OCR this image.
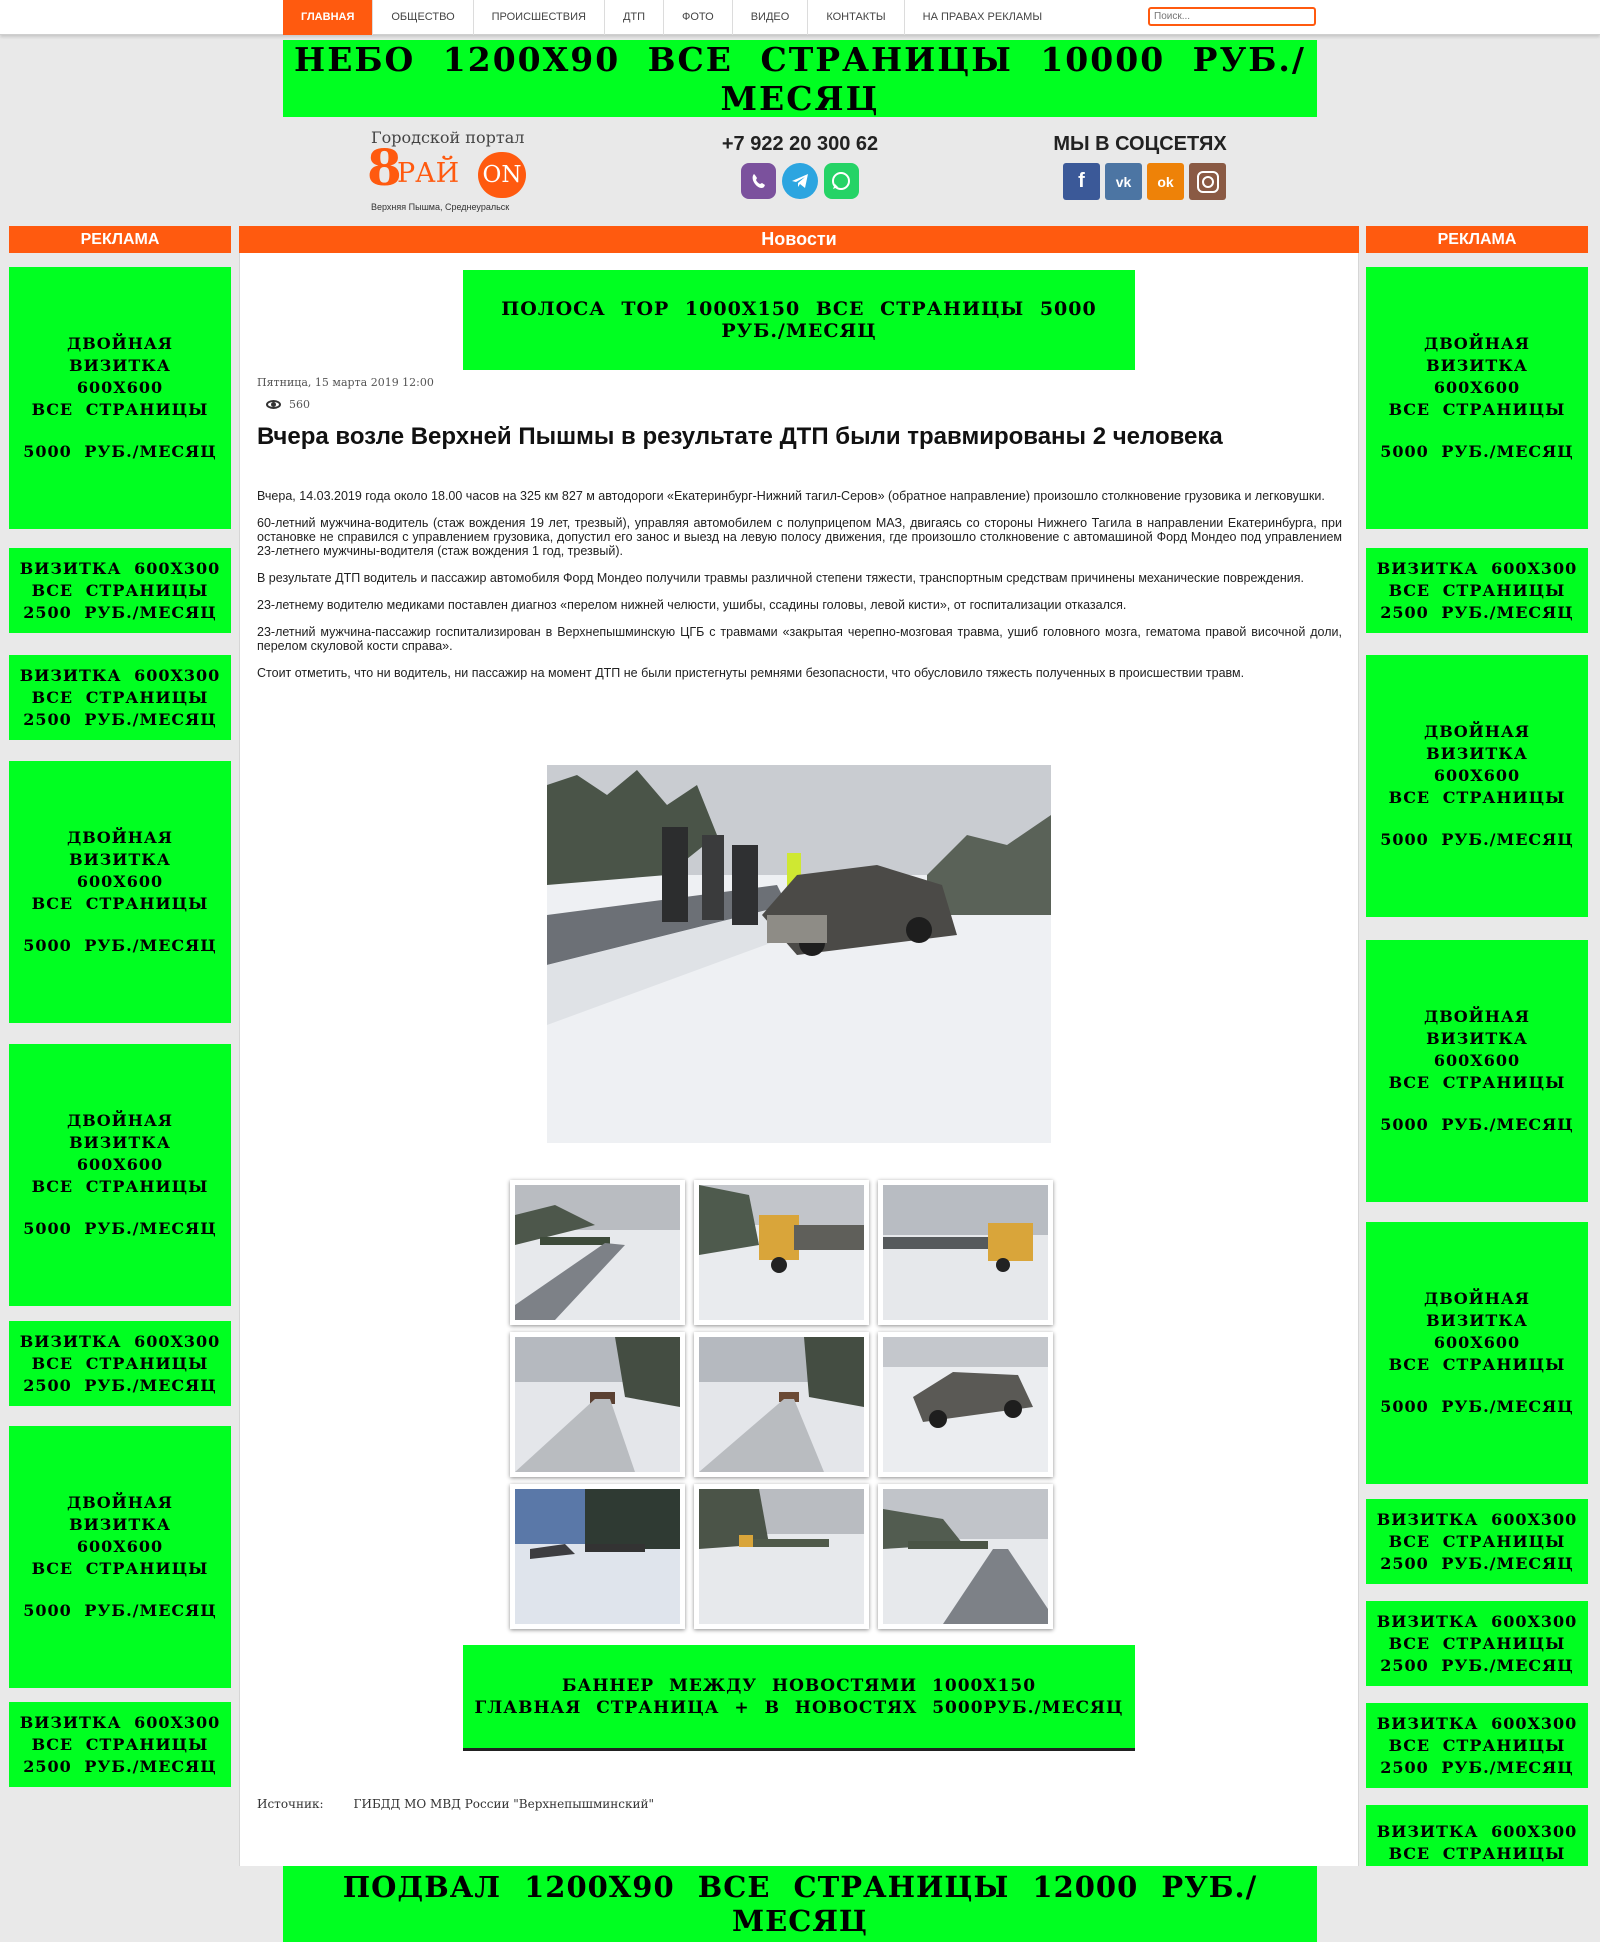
ГЛАВНАЯ	ОБЩЕСТВО	ПРОИСШЕСТВИЯ	ДТП	ФОТО	ВИДЕО	КОНТАКТЫ	НА ПРАВАХ РЕКЛАМЫ
Поиск...
НЕБО 1200Х90 ВСЕ СТРАНИЦЫ 10000 РУБ./МЕСЯЦ
Городской портал
8
РАЙ ON
Верхняя Пышма, Среднеуральск
+7 922 20 300 62	МЫ В СОЦСЕТЯХ
f	vk	ok
РЕКЛАМА	Новости	РЕКЛАМА
ДВОЙНАЯ ВИЗИТКА
600Х600
ВСЕ СТРАНИЦЫ
5000 РУБ./МЕСЯЦ
ВИЗИТКА 600Х300
ВСЕ СТРАНИЦЫ
2500 РУБ./МЕСЯЦ
ВИЗИТКА 600Х300
ВСЕ СТРАНИЦЫ
2500 РУБ./МЕСЯЦ
ДВОЙНАЯ ВИЗИТКА
600Х600
ВСЕ СТРАНИЦЫ
5000 РУБ./МЕСЯЦ
ДВОЙНАЯ ВИЗИТКА
600Х600
ВСЕ СТРАНИЦЫ
5000 РУБ./МЕСЯЦ
ВИЗИТКА 600Х300
ВСЕ СТРАНИЦЫ
2500 РУБ./МЕСЯЦ
ДВОЙНАЯ ВИЗИТКА
600Х600
ВСЕ СТРАНИЦЫ
5000 РУБ./МЕСЯЦ
ВИЗИТКА 600Х300
ВСЕ СТРАНИЦЫ
2500 РУБ./МЕСЯЦ
ДВОЙНАЯ ВИЗИТКА
600Х600
ВСЕ СТРАНИЦЫ
5000 РУБ./МЕСЯЦ
ВИЗИТКА 600Х300
ВСЕ СТРАНИЦЫ
2500 РУБ./МЕСЯЦ
ДВОЙНАЯ ВИЗИТКА
600Х600
ВСЕ СТРАНИЦЫ
5000 РУБ./МЕСЯЦ
ДВОЙНАЯ ВИЗИТКА
600Х600
ВСЕ СТРАНИЦЫ
5000 РУБ./МЕСЯЦ
ДВОЙНАЯ ВИЗИТКА
600Х600
ВСЕ СТРАНИЦЫ
5000 РУБ./МЕСЯЦ
ВИЗИТКА 600Х300
ВСЕ СТРАНИЦЫ
2500 РУБ./МЕСЯЦ
ВИЗИТКА 600Х300
ВСЕ СТРАНИЦЫ
2500 РУБ./МЕСЯЦ
ВИЗИТКА 600Х300
ВСЕ СТРАНИЦЫ
2500 РУБ./МЕСЯЦ
ВИЗИТКА 600Х300
ВСЕ СТРАНИЦЫ
ПОЛОСА ТОР 1000Х150 ВСЕ СТРАНИЦЫ 5000 РУБ./МЕСЯЦ
Пятница, 15 марта 2019 12:00
560
Вчера возле Верхней Пышмы в результате ДТП были травмированы 2 человека

Вчера, 14.03.2019 года около 18.00 часов на 325 км 827 м автодороги «Екатеринбург-Нижний тагил-Серов» (обратное направление) произошло столкновение грузовика и легковушки.

60-летний мужчина-водитель (стаж вождения 19 лет, трезвый), управляя автомобилем с полуприцепом МАЗ, двигаясь со стороны Нижнего Тагила в направлении Екатеринбурга, при остановке не справился с управлением грузовика, допустил его занос и выезд на левую полосу движения, где произошло столкновение с автомашиной Форд Мондео под управлением 23-летнего мужчины-водителя (стаж вождения 1 год, трезвый).

В результате ДТП водитель и пассажир автомобиля Форд Мондео получили травмы различной степени тяжести, транспортным средствам причинены механические повреждения.

23-летнему водителю медиками поставлен диагноз «перелом нижней челюсти, ушибы, ссадины головы, левой кисти», от госпитализации отказался.

23-летний мужчина-пассажир госпитализирован в Верхнепышминскую ЦГБ с травмами «закрытая черепно-мозговая травма, ушиб головного мозга, гематома правой височной доли, перелом скуловой кости справа».

Стоит отметить, что ни водитель, ни пассажир на момент ДТП не были пристегнуты ремнями безопасности, что обусловило тяжесть полученных в происшествии травм.

БАННЕР МЕЖДУ НОВОСТЯМИ 1000Х150
ГЛАВНАЯ СТРАНИЦА + В НОВОСТЯХ 5000РУБ./МЕСЯЦ
Источник:	ГИБДД МО МВД России "Верхнепышминский"
ПОДВАЛ 1200Х90 ВСЕ СТРАНИЦЫ 12000 РУБ./МЕСЯЦ
